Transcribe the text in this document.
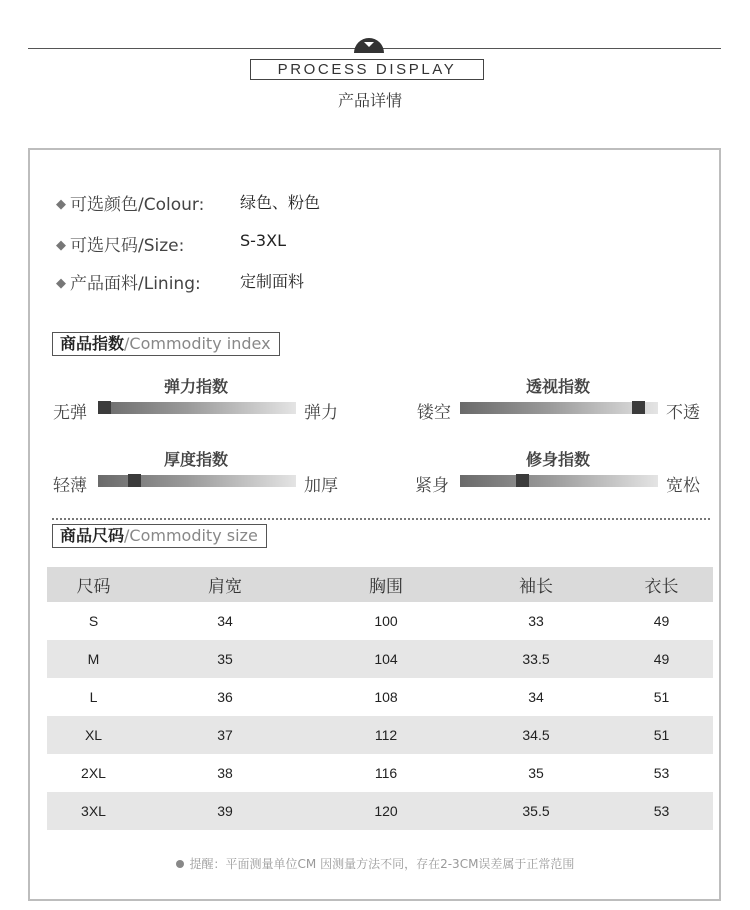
PROCESS DISPLAY
产品详情
◆ 可选颜色/Colour: 绿色、粉色
◆ 可选尺码/Size:	S-3XL
◆ 产品面料/Lining: 定制面料
商品指数/Commodity index
弹力指数
无弹	弹力
透视指数
镂空	不透
厚度指数
轻薄	加厚
修身指数
紧身	宽松
商品尺码/Commodity size
尺码	肩宽	胸围	袖长	衣长
S	34	100	33	49
M	35	104	33.5	49
L	36	108	34	51
XL	37	112	34.5	51
2XL	38	116	35	53
3XL	39	120	35.5	53
提醒：平面测量单位CM 因测量方法不同，存在2-3CM误差属于正常范围
